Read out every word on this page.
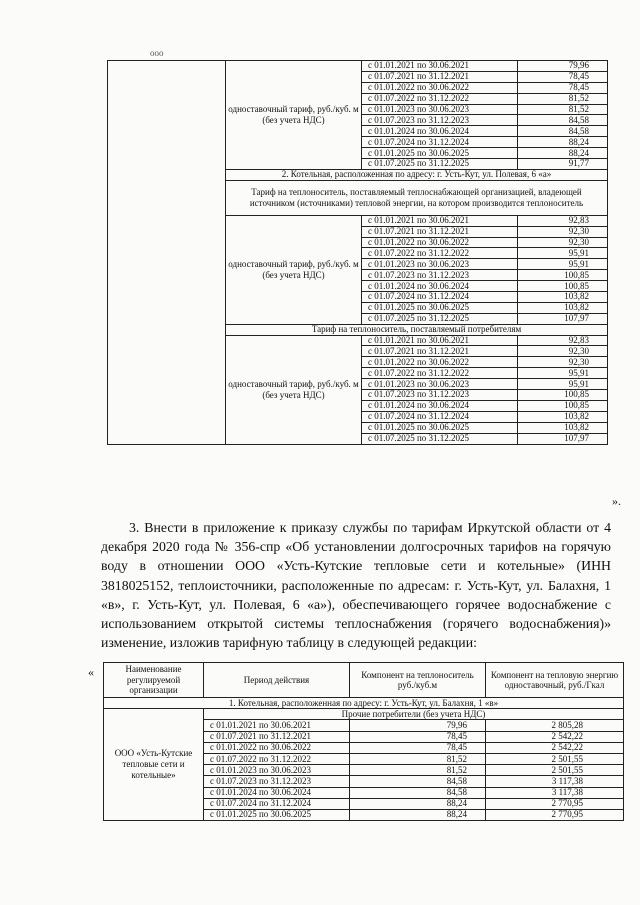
	одноставочный тариф, руб./куб. м (без учета НДС)	с 01.01.2021 по 30.06.2021	79,96
		с 01.07.2021 по 31.12.2021	78,45
		с 01.01.2022 по 30.06.2022	78,45
		с 01.07.2022 по 31.12.2022	81,52
		с 01.01.2023 по 30.06.2023	81,52
		с 01.07.2023 по 31.12.2023	84,58
		с 01.01.2024 по 30.06.2024	84,58
		с 01.07.2024 по 31.12.2024	88,24
		с 01.01.2025 по 30.06.2025	88,24
		с 01.07.2025 по 31.12.2025	91,77
	2. Котельная, расположенная по адресу: г. Усть-Кут, ул. Полевая, 6 «а»		
	Тариф на теплоноситель, поставляемый теплоснабжающей организацией, владеющей источником (источниками) тепловой энергии, на котором производится теплоноситель		
	одноставочный тариф, руб./куб. м (без учета НДС)	с 01.01.2021 по 30.06.2021	92,83
		с 01.07.2021 по 31.12.2021	92,30
		с 01.01.2022 по 30.06.2022	92,30
		с 01.07.2022 по 31.12.2022	95,91
		с 01.01.2023 по 30.06.2023	95,91
		с 01.07.2023 по 31.12.2023	100,85
		с 01.01.2024 по 30.06.2024	100,85
		с 01.07.2024 по 31.12.2024	103,82
		с 01.01.2025 по 30.06.2025	103,82
		с 01.07.2025 по 31.12.2025	107,97
	Тариф на теплоноситель, поставляемый потребителям		
	одноставочный тариф, руб./куб. м (без учета НДС)	с 01.01.2021 по 30.06.2021	92,83
		с 01.07.2021 по 31.12.2021	92,30
		с 01.01.2022 по 30.06.2022	92,30
		с 01.07.2022 по 31.12.2022	95,91
		с 01.01.2023 по 30.06.2023	95,91
		с 01.07.2023 по 31.12.2023	100,85
		с 01.01.2024 по 30.06.2024	100,85
		с 01.07.2024 по 31.12.2024	103,82
		с 01.01.2025 по 30.06.2025	103,82
		с 01.07.2025 по 31.12.2025	107,97
ооо
».

3. Внести в приложение к приказу службы по тарифам Иркутской области от 4 декабря 2020 года № 356-спр «Об установлении долгосрочных тарифов на горячую воду в отношении ООО «Усть-Кутские тепловые сети и котельные» (ИНН 3818025152, теплоисточники, расположенные по адресам: г. Усть-Кут, ул. Балахня, 1 «в», г. Усть-Кут, ул. Полевая, 6 «а»), обеспечивающего горячее водоснабжение с использованием открытой системы теплоснабжения (горячего водоснабжения)» изменение, изложив тарифную таблицу в следующей редакции:

«	Наименование регулируемой организации	Период действия	Компонент на теплоноситель руб./куб.м	Компонент на тепловую энергию одноставочный, руб./Гкал
1. Котельная, расположенная по адресу: г. Усть-Кут, ул. Балахня, 1 «в»			
ООО «Усть-Кутские тепловые сети и котельные»	Прочие потребители (без учета НДС)		
	с 01.01.2021 по 30.06.2021	79,96	2 805,28
	с 01.07.2021 по 31.12.2021	78,45	2 542,22
	с 01.01.2022 по 30.06.2022	78,45	2 542,22
	с 01.07.2022 по 31.12.2022	81,52	2 501,55
	с 01.01.2023 по 30.06.2023	81,52	2 501,55
	с 01.07.2023 по 31.12.2023	84,58	3 117,38
	с 01.01.2024 по 30.06.2024	84,58	3 117,38
	с 01.07.2024 по 31.12.2024	88,24	2 770,95
	с 01.01.2025 по 30.06.2025	88,24	2 770,95
